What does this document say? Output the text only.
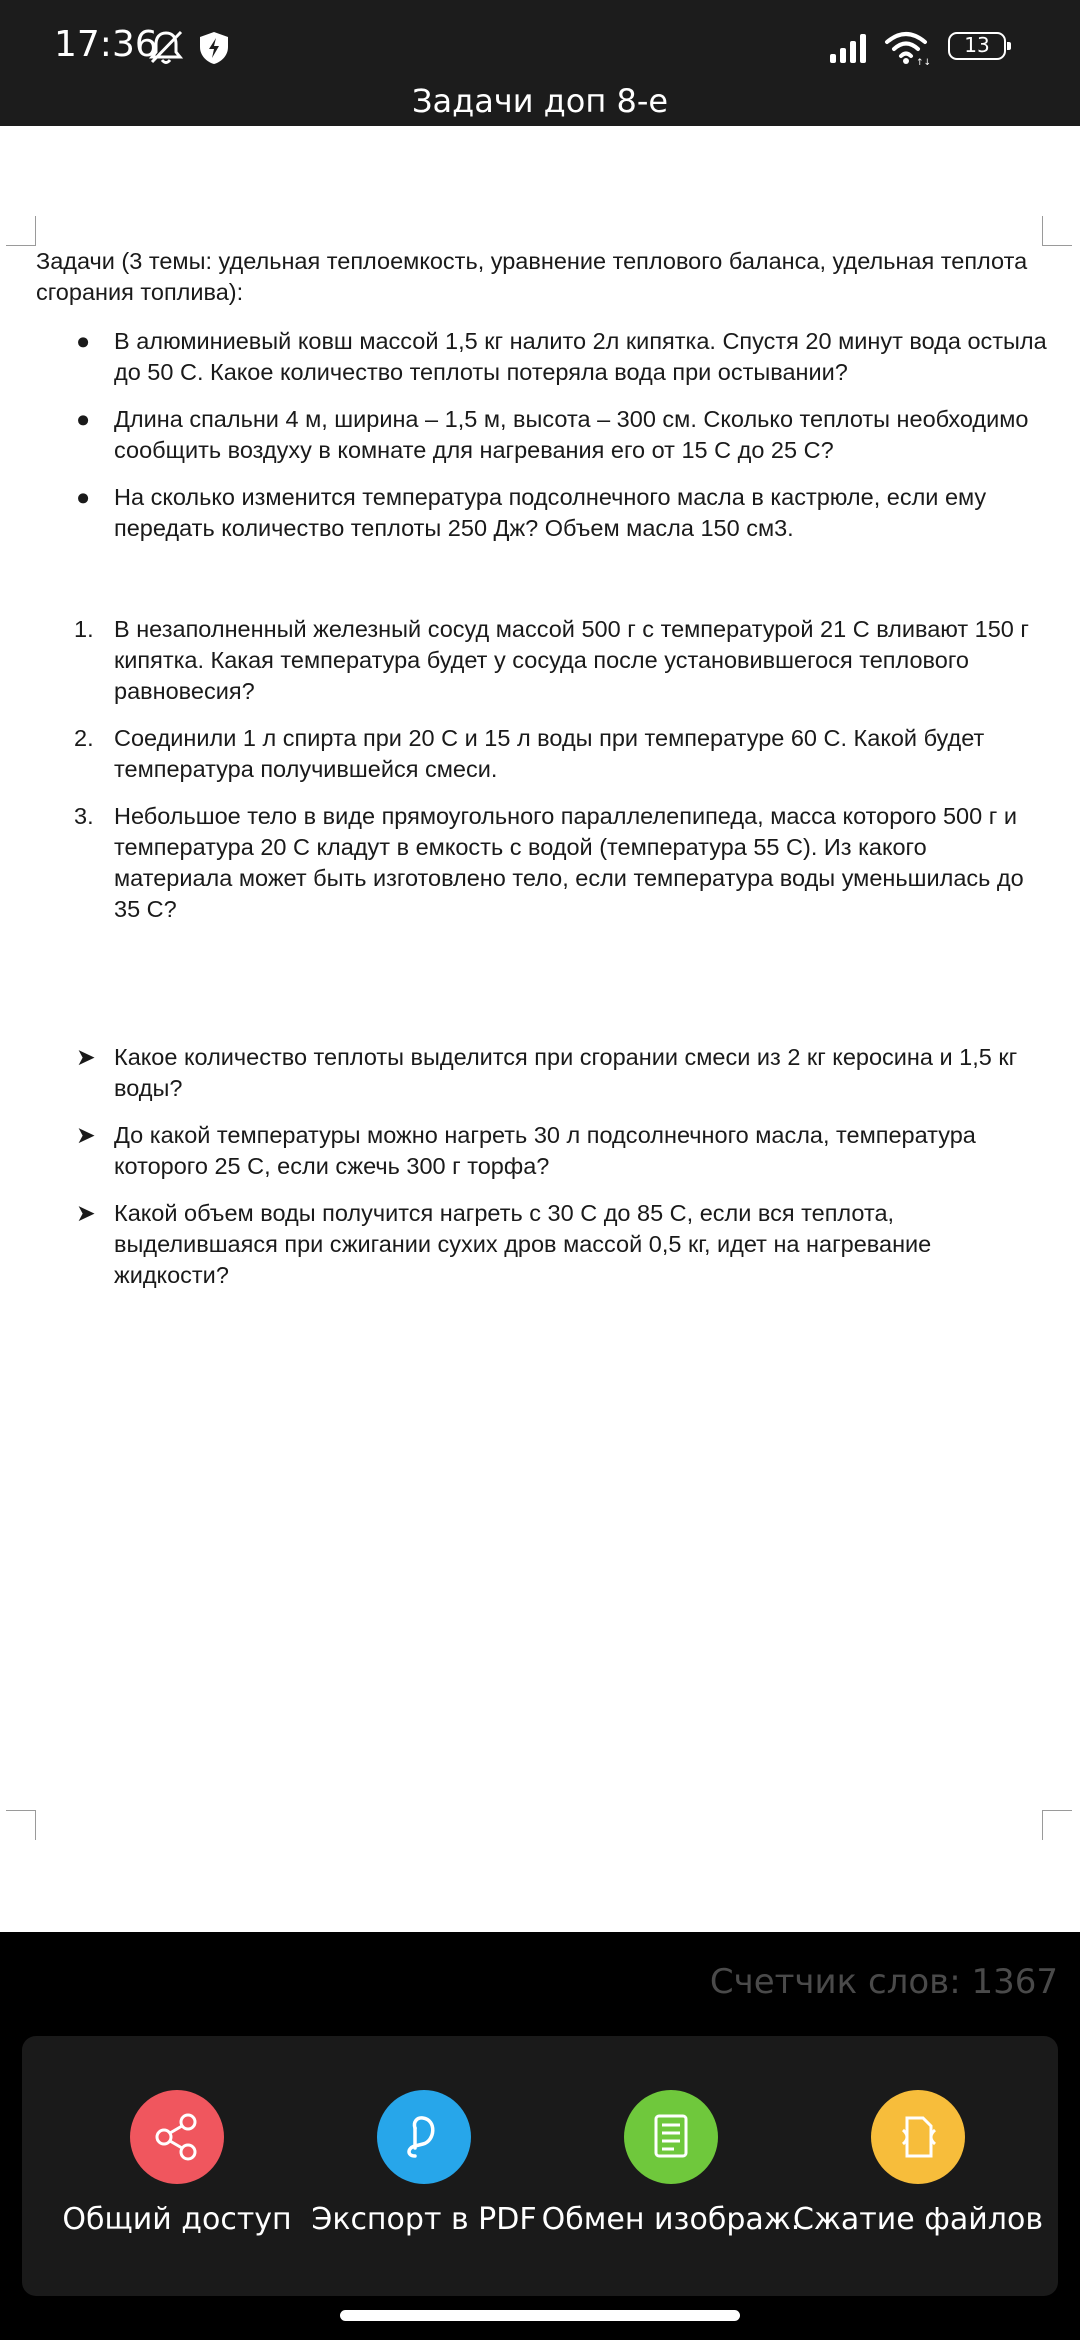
17:36	↑↓
13
Задачи доп 8-е

Задачи (3 темы: удельная теплоемкость, уравнение теплового баланса, удельная теплота сгорания топлива):

●	В алюминиевый ковш массой 1,5 кг налито 2л кипятка. Спустя 20 минут вода остыла до 50 С. Какое количество теплоты потеряла вода при остывании?
●	Длина спальни 4 м, ширина – 1,5 м, высота – 300 см. Сколько теплоты необходимо сообщить воздуху в комнате для нагревания его от 15 С до 25 С?
●	На сколько изменится температура подсолнечного масла в кастрюле, если ему передать количество теплоты 250 Дж? Объем масла 150 см3.
1. В незаполненный железный сосуд массой 500 г с температурой 21 С вливают 150 г кипятка. Какая температура будет у сосуда после установившегося теплового равновесия?
2. Соединили 1 л спирта при 20 С и 15 л воды при температуре 60 С. Какой будет температура получившейся смеси.
3. Небольшое тело в виде прямоугольного параллелепипеда, масса которого 500 г и температура 20 С кладут в емкость с водой (температура 55 С). Из какого материала может быть изготовлено тело, если температура воды уменьшилась до 35 С?
➤ Какое количество теплоты выделится при сгорании смеси из 2 кг керосина и 1,5 кг воды?
➤ До какой температуры можно нагреть 30 л подсолнечного масла, температура которого 25 С, если сжечь 300 г торфа?
➤ Какой объем воды получится нагреть с 30 С до 85 С, если вся теплота, выделившаяся при сжигании сухих дров массой 0,5 кг, идет на нагревание жидкости?
Счетчик слов: 1367
Общий доступ Экспорт в PDF Обмен изображ.
Сжатие файлов
